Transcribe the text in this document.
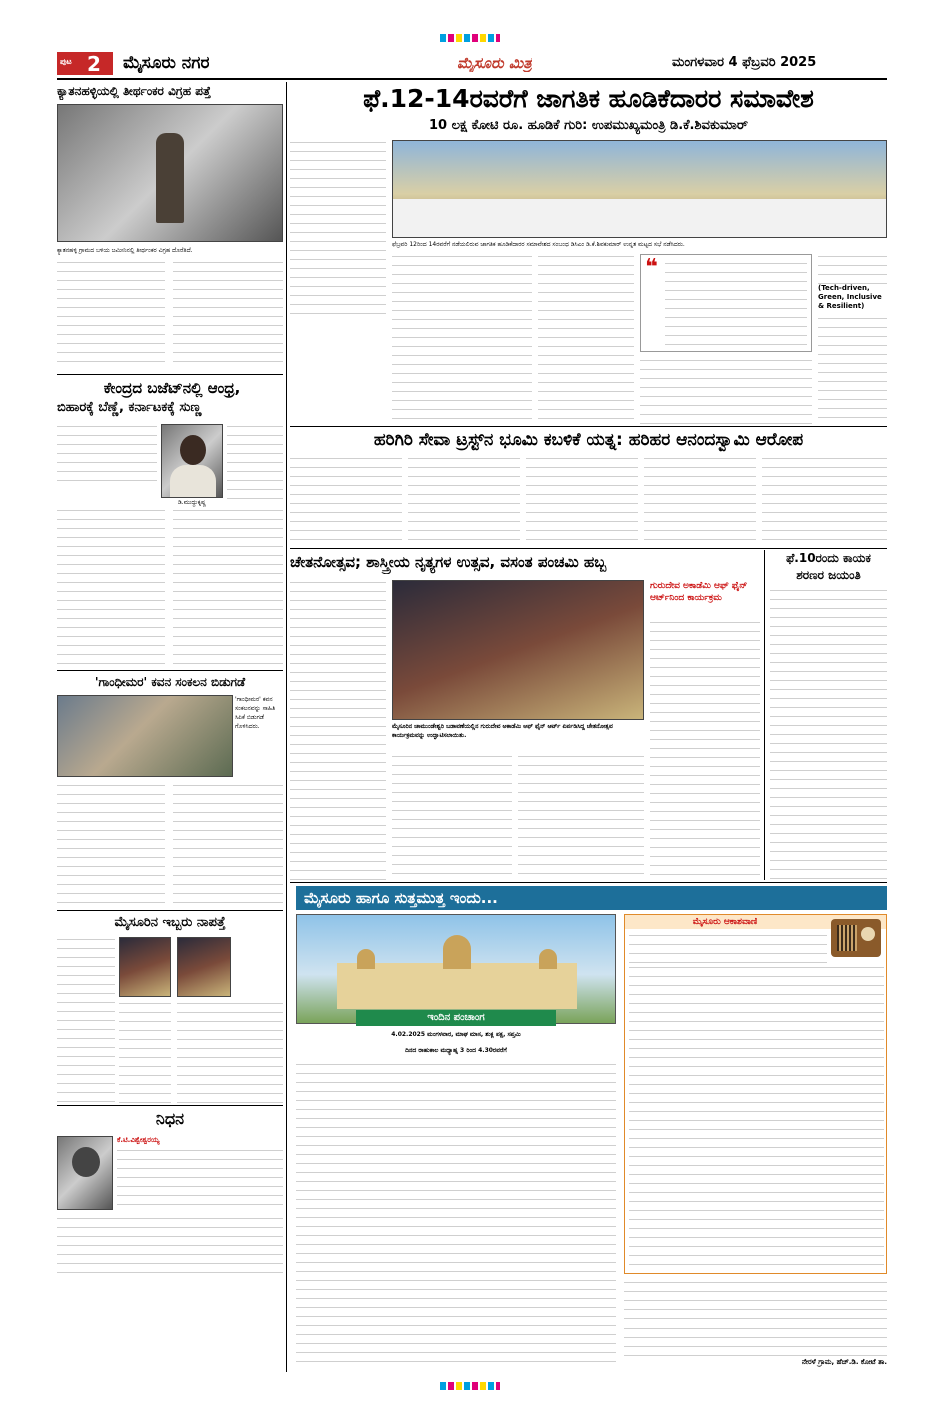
ಪುಟ 2 ಮೈಸೂರು ನಗರ	ಮೈಸೂರು ಮಿತ್ರ	ಮಂಗಳವಾರ 4 ಫೆಬ್ರವರಿ 2025
ಕ್ಯಾತನಹಳ್ಳಿಯಲ್ಲಿ ತೀರ್ಥಂಕರ ವಿಗ್ರಹ ಪತ್ತೆ
ಕ್ಯಾತನಹಳ್ಳಿ ಗ್ರಾಮದ ಬಳಿಯ ಜಮೀನಿನಲ್ಲಿ ತೀರ್ಥಂಕರ ವಿಗ್ರಹ ದೊರೆತಿದೆ.
ಕೇಂದ್ರದ ಬಜೆಟ್‌ನಲ್ಲಿ ಆಂಧ್ರ,
ಬಿಹಾರಕ್ಕೆ ಬೆಣ್ಣೆ, ಕರ್ನಾಟಕಕ್ಕೆ ಸುಣ್ಣ
ಡಿ.ಮುದ್ದುಕೃಷ್ಣ
'ಗಾಂಧೀಮರ' ಕವನ ಸಂಕಲನ ಬಿಡುಗಡೆ
'ಗಾಂಧೀಮರ' ಕವನ ಸಂಕಲನವನ್ನು ಸಾಹಿತಿ ಸಿಪಿಕೆ ಬಿಡುಗಡೆ ಗೊಳಿಸಿದರು.
ಮೈಸೂರಿನ ಇಬ್ಬರು ನಾಪತ್ತೆ
ನಿಧನ
ಕೆ.ಟಿ.ವಿಶ್ವೇಶ್ವರಯ್ಯ
ಫೆ.12-14ರವರೆಗೆ ಜಾಗತಿಕ ಹೂಡಿಕೆದಾರರ ಸಮಾವೇಶ
10 ಲಕ್ಷ ಕೋಟಿ ರೂ. ಹೂಡಿಕೆ ಗುರಿ: ಉಪಮುಖ್ಯಮಂತ್ರಿ ಡಿ.ಕೆ.ಶಿವಕುಮಾರ್
ಫೆಬ್ರವರಿ 12ರಿಂದ 14ರವರೆಗೆ ನಡೆಯಲಿರುವ ಜಾಗತಿಕ ಹೂಡಿಕೆದಾರರ ಸಮಾವೇಶದ ಸಂಬಂಧ ಡಿಸಿಎಂ ಡಿ.ಕೆ.ಶಿವಕುಮಾರ್ ಉನ್ನತ ಮಟ್ಟದ ಸಭೆ ನಡೆಸಿದರು.
❝
(Tech-driven, Green, Inclusive & Resilient)
ಹರಿಗಿರಿ ಸೇವಾ ಟ್ರಸ್ಟ್‌ನ ಭೂಮಿ ಕಬಳಿಕೆ ಯತ್ನ: ಹರಿಹರ ಆನಂದಸ್ವಾಮಿ ಆರೋಪ
ಚೇತನೋತ್ಸವ; ಶಾಸ್ತ್ರೀಯ ನೃತ್ಯಗಳ ಉತ್ಸವ, ವಸಂತ ಪಂಚಮಿ ಹಬ್ಬ
ಗುರುದೇವ ಅಕಾಡೆಮಿ ಆಫ್ ಫೈನ್ ಆರ್ಟ್‌ನಿಂದ ಕಾರ್ಯಕ್ರಮ
ಮೈಸೂರಿನ ಚಾಮುಂಡೇಶ್ವರಿ ಬಡಾವಣೆಯಲ್ಲಿನ ಗುರುದೇವ ಅಕಾಡೆಮಿ ಆಫ್ ಫೈನ್ ಆರ್ಟ್ ಏರ್ಪಡಿಸಿದ್ದ ಚೇತನೋತ್ಸವ ಕಾರ್ಯಕ್ರಮವನ್ನು ಉದ್ಘಾಟಿಸಲಾಯಿತು.
ಫೆ.10ರಂದು ಕಾಯಕ
ಶರಣರ ಜಯಂತಿ
ಮೈಸೂರು ಹಾಗೂ ಸುತ್ತಮುತ್ತ ಇಂದು...
ಇಂದಿನ ಪಂಚಾಂಗ
4.02.2025 ಮಂಗಳವಾರ, ಮಾಘ ಮಾಸ, ಶುಕ್ಲ ಪಕ್ಷ, ಸಪ್ತಮಿ
ದಿನದ ರಾಹುಕಾಲ ಮಧ್ಯಾಹ್ನ 3 ರಿಂದ 4.30ರವರೆಗೆ
ಮೈಸೂರು ಆಕಾಶವಾಣಿ
ನೇರಳೆ ಗ್ರಾಮ, ಹೆಚ್.ಡಿ. ಕೋಟೆ ತಾ.
